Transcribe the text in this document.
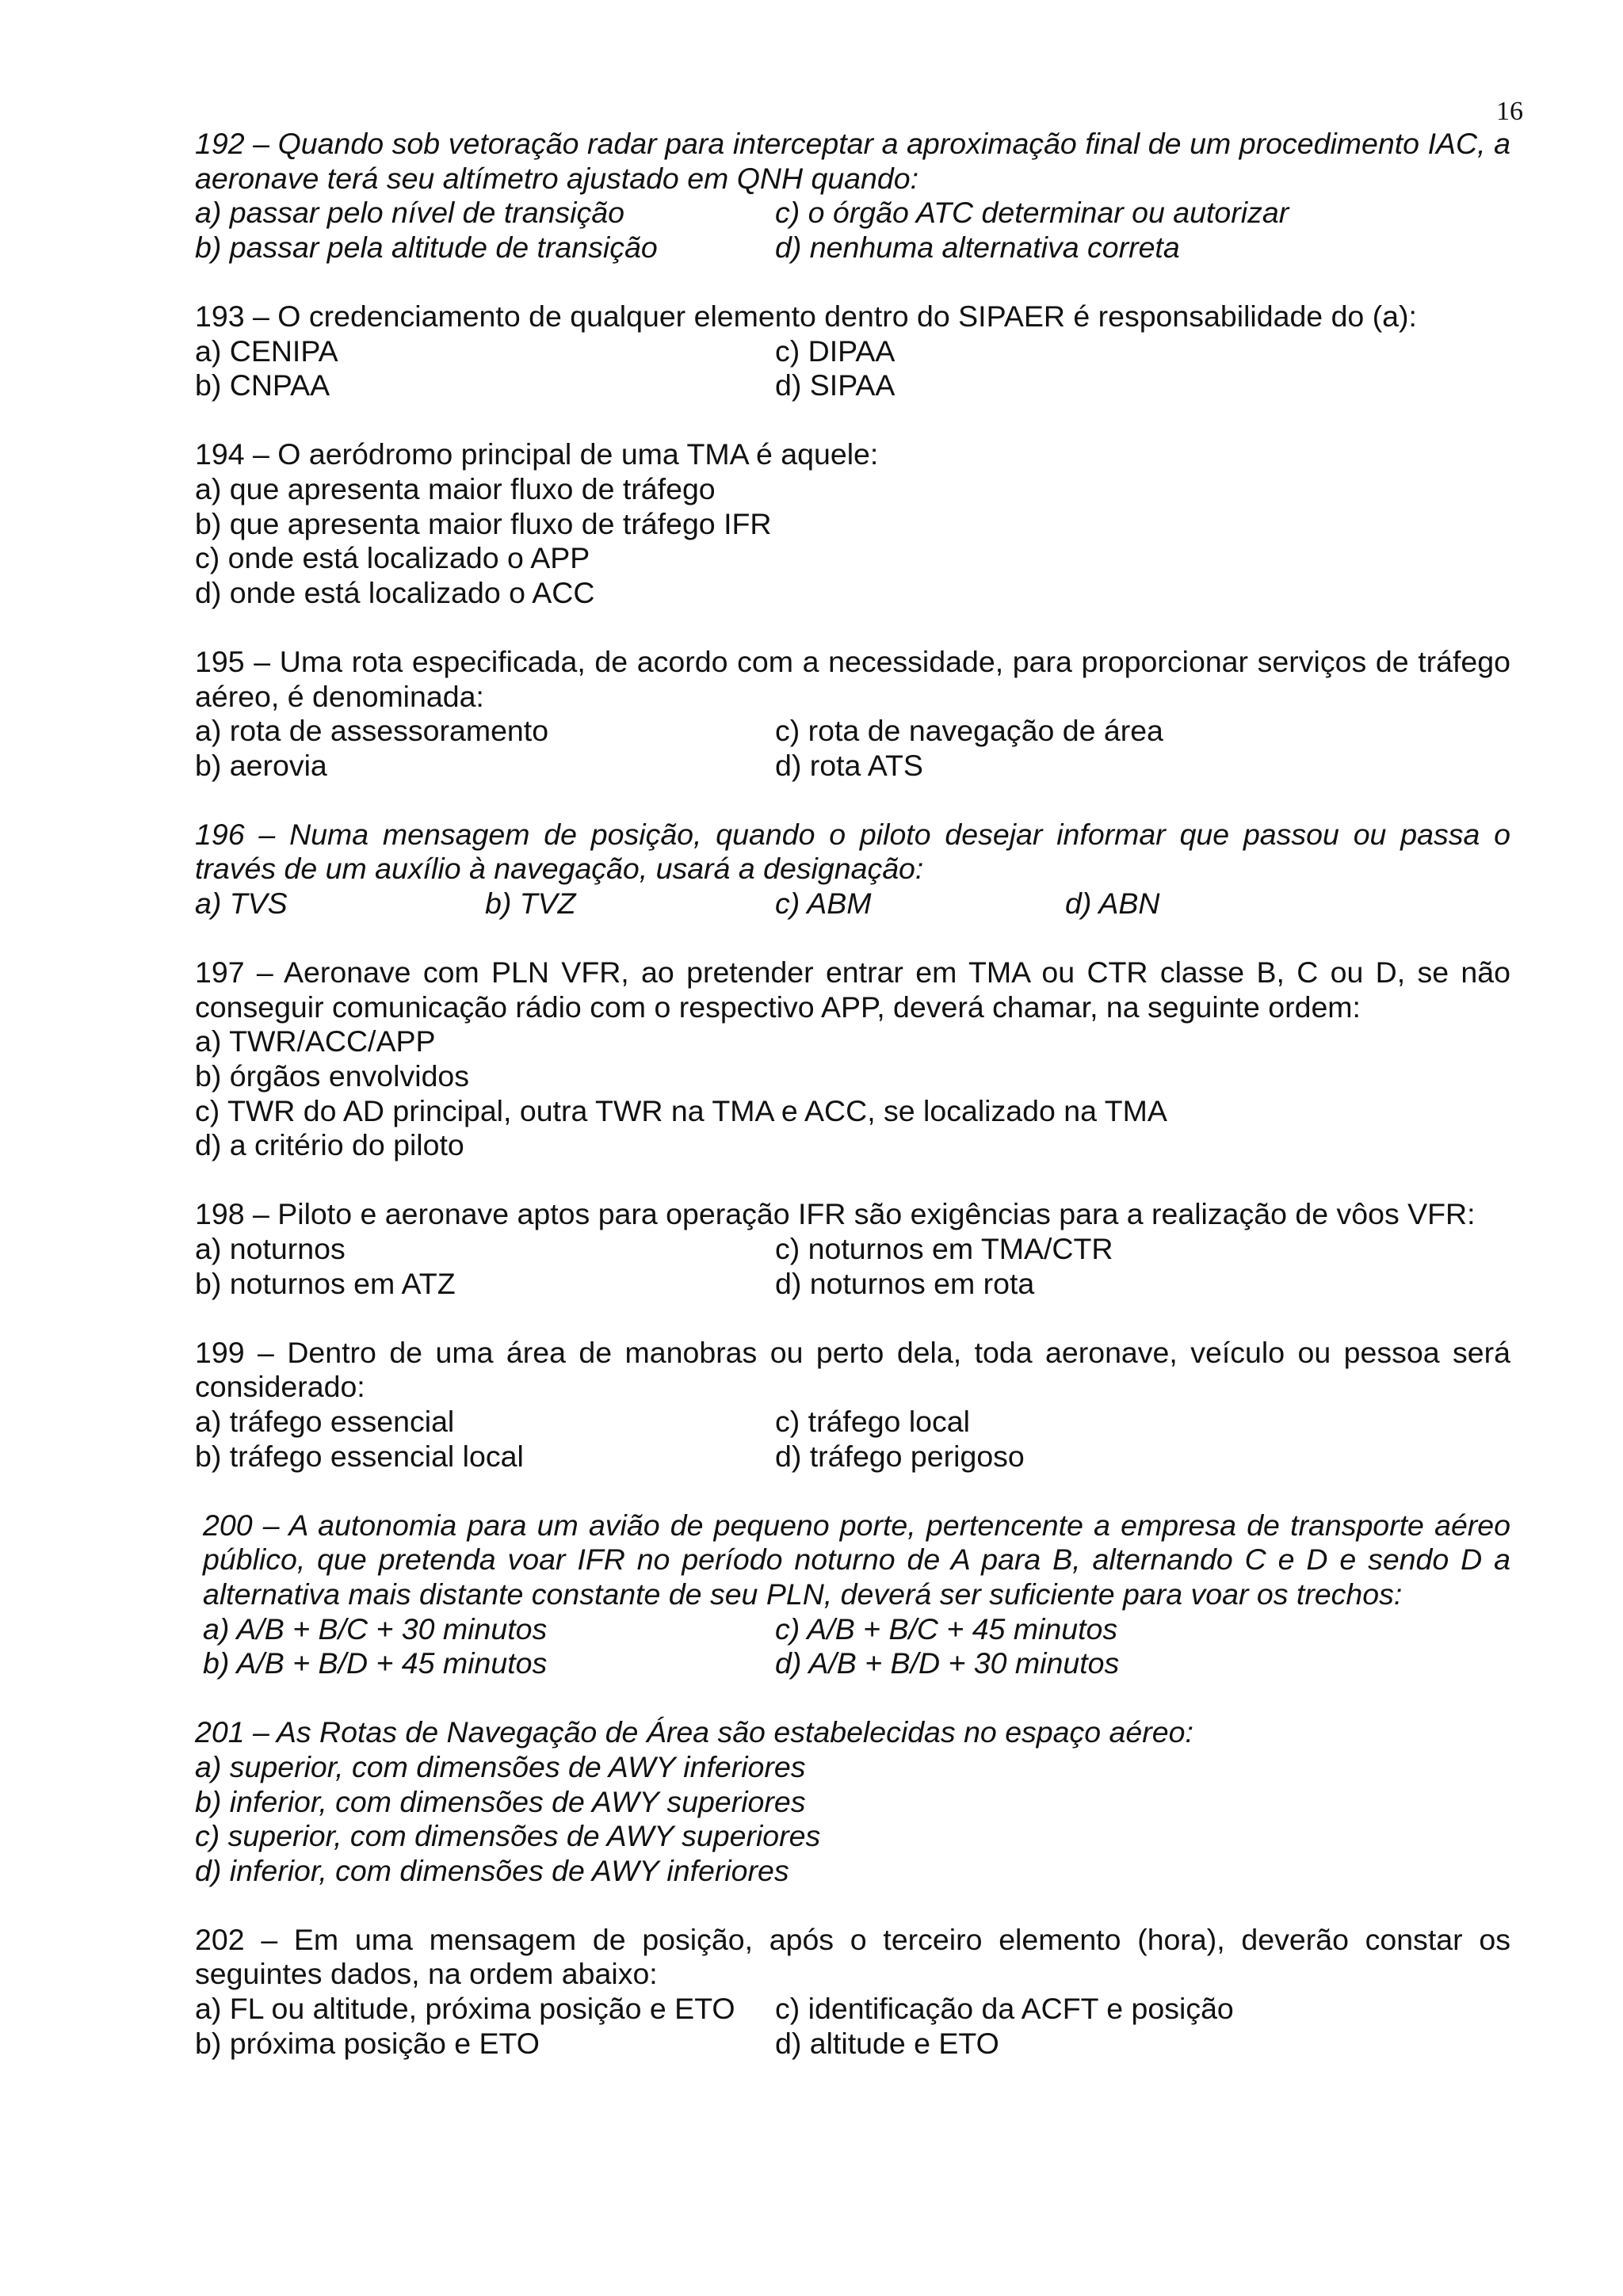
16
192 – Quando sob vetoração radar para interceptar a aproximação final de um procedimento IAC, a aeronave terá seu altímetro ajustado em QNH quando:
a) passar pelo nível de transição	c) o órgão ATC determinar ou autorizar
b) passar pela altitude de transição	d) nenhuma alternativa correta
193 – O credenciamento de qualquer elemento dentro do SIPAER é responsabilidade do (a):
a) CENIPA	c) DIPAA
b) CNPAA	d) SIPAA
194 – O aeródromo principal de uma TMA é aquele:
a) que apresenta maior fluxo de tráfego
b) que apresenta maior fluxo de tráfego IFR
c) onde está localizado o APP
d) onde está localizado o ACC
195 – Uma rota especificada, de acordo com a necessidade, para proporcionar serviços de tráfego aéreo, é denominada:
a) rota de assessoramento	c) rota de navegação de área
b) aerovia	d) rota ATS
196 – Numa mensagem de posição, quando o piloto desejar informar que passou ou passa o través de um auxílio à navegação, usará a designação:
a) TVS	b) TVZ	c) ABM	d) ABN
197 – Aeronave com PLN VFR, ao pretender entrar em TMA ou CTR classe B, C ou D, se não conseguir comunicação rádio com o respectivo APP, deverá chamar, na seguinte ordem:
a) TWR/ACC/APP
b) órgãos envolvidos
c) TWR do AD principal, outra TWR na TMA e ACC, se localizado na TMA
d) a critério do piloto
198 – Piloto e aeronave aptos para operação IFR são exigências para a realização de vôos VFR:
a) noturnos	c) noturnos em TMA/CTR
b) noturnos em ATZ	d) noturnos em rota
199 – Dentro de uma área de manobras ou perto dela, toda aeronave, veículo ou pessoa será considerado:
a) tráfego essencial	c) tráfego local
b) tráfego essencial local	d) tráfego perigoso
200 – A autonomia para um avião de pequeno porte, pertencente a empresa de transporte aéreo público, que pretenda voar IFR no período noturno de A para B, alternando C e D e sendo D a alternativa mais distante constante de seu PLN, deverá ser suficiente para voar os trechos:
a) A/B + B/C + 30 minutos	c) A/B + B/C + 45 minutos
b) A/B + B/D + 45 minutos	d) A/B + B/D + 30 minutos
201 – As Rotas de Navegação de Área são estabelecidas no espaço aéreo:
a) superior, com dimensões de AWY inferiores
b) inferior, com dimensões de AWY superiores
c) superior, com dimensões de AWY superiores
d) inferior, com dimensões de AWY inferiores
202 – Em uma mensagem de posição, após o terceiro elemento (hora), deverão constar os seguintes dados, na ordem abaixo:
a) FL ou altitude, próxima posição e ETO	c) identificação da ACFT e posição
b) próxima posição e ETO	d) altitude e ETO
